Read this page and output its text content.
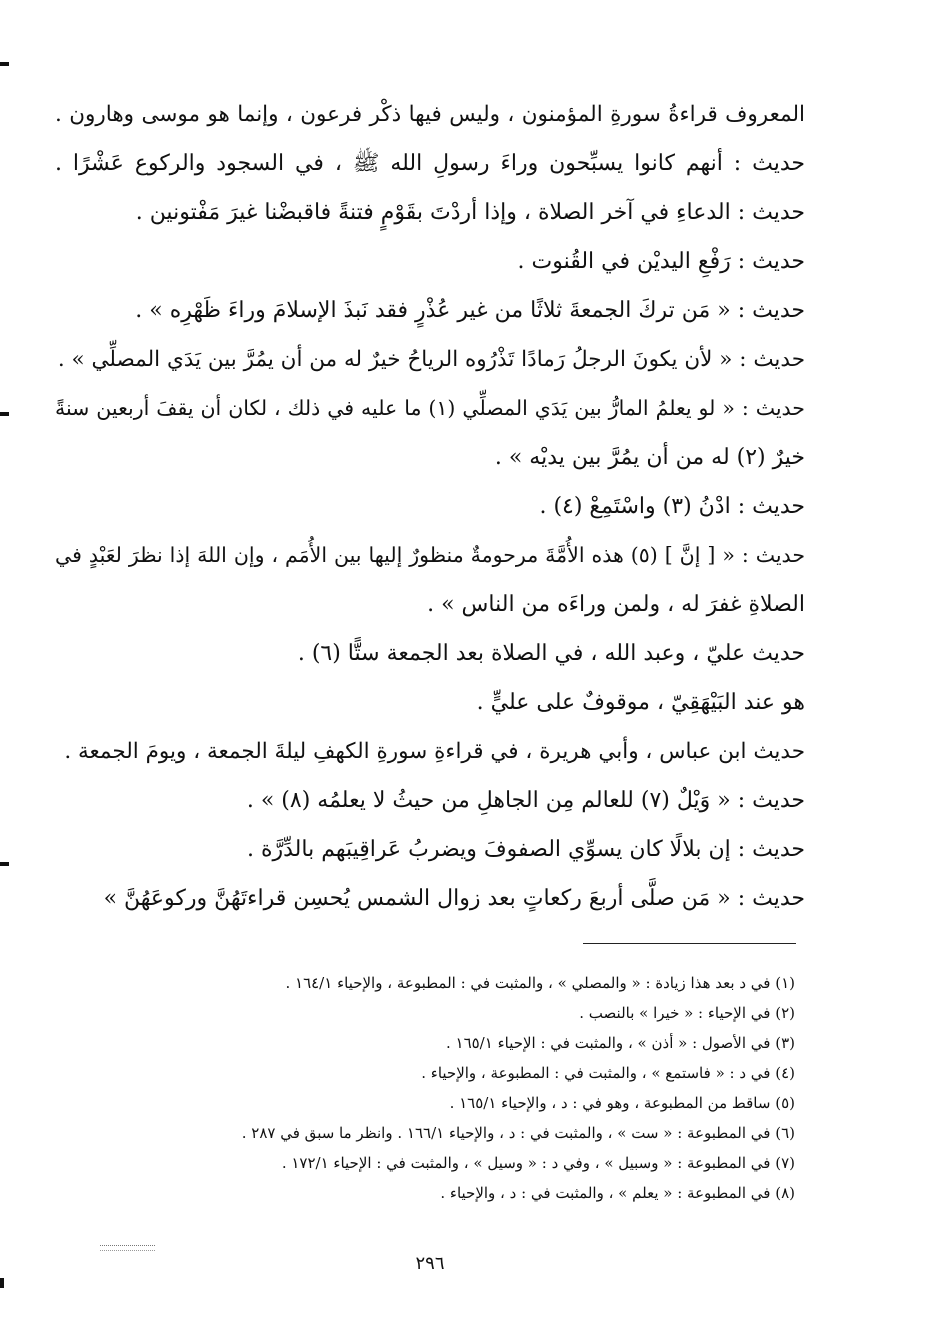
المعروف قراءةُ سورةِ المؤمنون ، وليس فيها ذكْر فرعون ، وإنما هو موسى وهارون .
حديث : أنهم كانوا يسبِّحون وراءَ رسولِ الله ﷺ ، في السجود والركوع عَشْرًا .
حديث : الدعاءِ في آخر الصلاة ، وإذا أردْتَ بقَوْمٍ فتنةً فاقبضْنا غيرَ مَفْتونين .
حديث : رَفْعِ اليديْن في القُنوت .
حديث : « مَن تركَ الجمعةَ ثلاثًا من غير عُذْرٍ فقد نَبذَ الإسلامَ وراءَ ظَهْرِه » .
حديث : « لأن يكونَ الرجلُ رَمادًا تَذْرُوه الرياحُ خيرٌ له من أن يمُرَّ بين يَدَي المصلِّي » .
حديث : « لو يعلمُ المارُّ بين يَدَي المصلِّي (١) ما عليه في ذلك ، لكان أن يقفَ أربعين سنةً
خيرٌ (٢) له من أن يمُرَّ بين يديْه » .
حديث : ادْنُ (٣) واسْتَمِعْ (٤) .
حديث : « [ إنَّ ] (٥) هذه الأُمَّةَ مرحومةٌ منظورٌ إليها بين الأُمَم ، وإن اللهَ إذا نظرَ لعَبْدٍ في
الصلاةِ غفرَ له ، ولمن وراءَه من الناس » .
حديث عليّ ، وعبد الله ، في الصلاة بعد الجمعة ستًّا (٦) .
هو عند البَيْهَقِيّ ، موقوفٌ على عليٍّ .
حديث ابن عباس ، وأبي هريرة ، في قراءةِ سورةِ الكهفِ ليلةَ الجمعة ، ويومَ الجمعة .
حديث : « وَيْلٌ (٧) للعالم مِن الجاهلِ من حيثُ لا يعلمُه (٨) » .
حديث : إن بلالًا كان يسوِّي الصفوفَ ويضربُ عَراقِيبَهم بالدِّرَّة .
حديث : « مَن صلَّى أربعَ ركعاتٍ بعد زوال الشمس يُحسِن قراءتَهُنَّ وركوعَهُنَّ »
(١) في د بعد هذا زيادة : « والمصلي » ، والمثبت في : المطبوعة ، والإحياء ١٦٤/١ .
(٢) في الإحياء : « خيرا » بالنصب .
(٣) في الأصول : « أذن » ، والمثبت في : الإحياء ١٦٥/١ .
(٤) في د : « فاستمع » ، والمثبت في : المطبوعة ، والإحياء .
(٥) ساقط من المطبوعة ، وهو في : د ، والإحياء ١٦٥/١ .
(٦) في المطبوعة : « ست » ، والمثبت في : د ، والإحياء ١٦٦/١ . وانظر ما سبق في ٢٨٧ .
(٧) في المطبوعة : « وسبيل » ، وفي د : « وسيل » ، والمثبت في : الإحياء ١٧٢/١ .
(٨) في المطبوعة : « يعلم » ، والمثبت في : د ، والإحياء .
٢٩٦
